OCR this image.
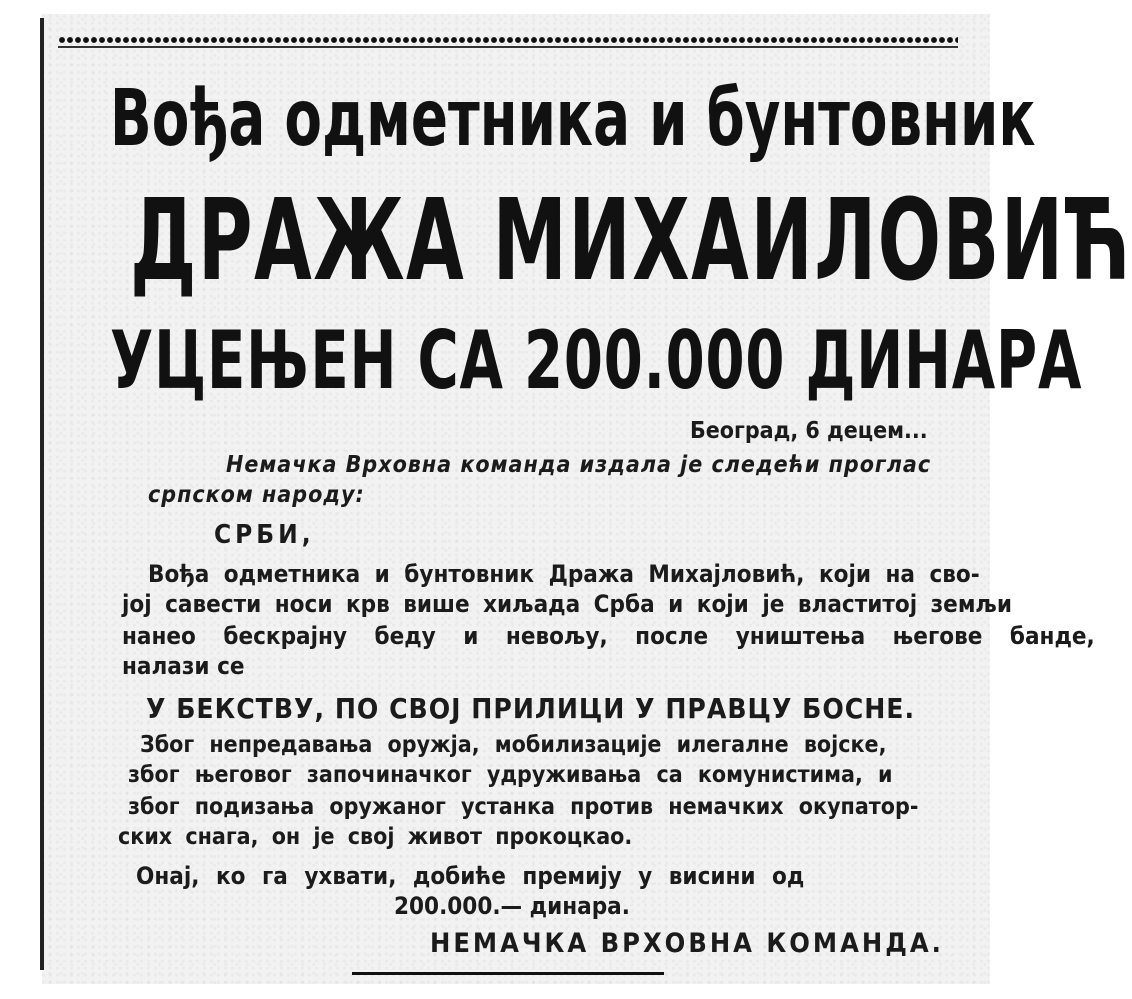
Вођа одметника и бунтовник
ДРАЖА МИХАИЛОВИЋ
УЦЕЊЕН СА 200.000 ДИНАРА

Београд, 6 децем...

Немачка Врховна команда издала је следећи проглас

српском народу:

СРБИ,

Вођа одметника и бунтовник Дража Михајловић, који на сво-

јој савести носи крв више хиљада Срба и који је властитој земљи

нанео бескрајну беду и невољу, после уништења његове банде,

налази се

У БЕКСТВУ, ПО СВОЈ ПРИЛИЦИ У ПРАВЦУ БОСНЕ.

Због непредавања оружја, мобилизације илегалне војске,

због његовог започиначког удруживања са комунистима, и

због подизања оружаног устанка против немачких окупатор-

ских снага, он је свој живот прокоцкао.

Онај, ко га ухвати, добиће премију у висини од

200.000.— динара.

НЕМАЧКА ВРХОВНА КОМАНДА.
